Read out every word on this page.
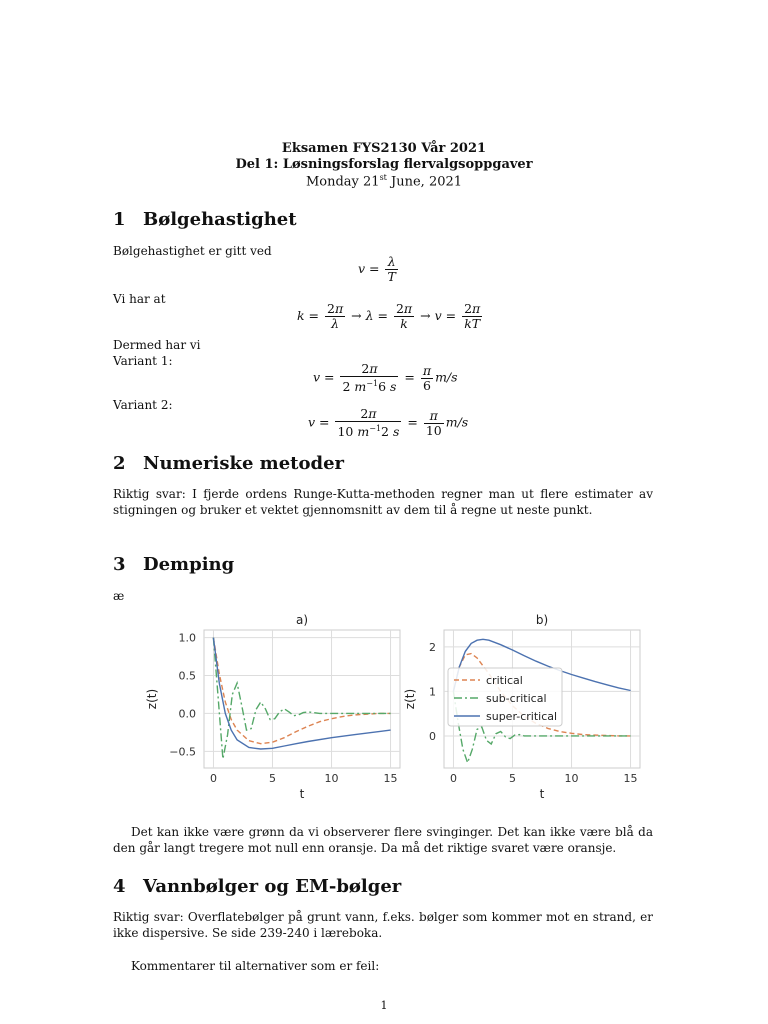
Eksamen FYS2130 Vår 2021
Del 1: Løsningsforslag flervalgsoppgaver
Monday 21st June, 2021
1 Bølgehastighet
Bølgehastighet er gitt ved
$v = \frac{\lambda}{T}$
Vi har at
$k = \frac{2\pi}{\lambda} \to \lambda = \frac{2\pi}{k} \to v = \frac{2\pi}{kT}$
Dermed har vi
Variant 1:
$v = \frac{2\pi}{2 m^{-1}6 s} = \frac{\pi}{6} m/s$
Variant 2:
$v = \frac{2\pi}{10 m^{-1}2 s} = \frac{\pi}{10} m/s$
2 Numeriske metoder
Riktig svar: I fjerde ordens Runge-Kutta-methoden regner man ut flere estimater av stigningen og bruker et vektet gjennomsnitt av dem til å regne ut neste punkt.
3 Demping
æ
0	5	10	15
1.0
0.5
0.0
−0.5
a)
t
z(t)
0	5	10	15
2
1
0
b)
t
z(t)
critical
sub-critical
super-critical
Det kan ikke være grønn da vi observerer flere svinginger. Det kan ikke være blå da den går langt tregere mot null enn oransje. Da må det riktige svaret være oransje.
4 Vannbølger og EM-bølger
Riktig svar: Overflatebølger på grunt vann, f.eks. bølger som kommer mot en strand, er ikke dispersive. Se side 239-240 i læreboka.
Kommentarer til alternativer som er feil:
1
